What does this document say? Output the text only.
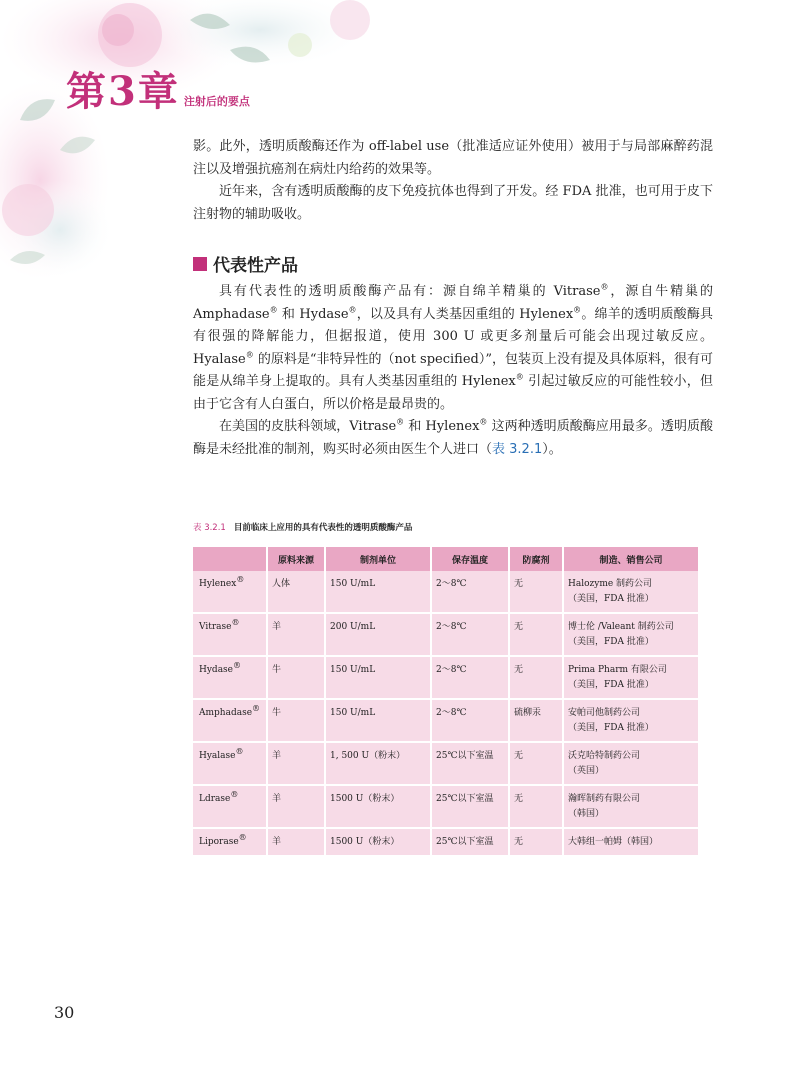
第3章 注射后的要点

影。此外，透明质酸酶还作为 off-label use（批准适应证外使用）被用于与局部麻醉药混注以及增强抗癌剂在病灶内给药的效果等。

近年来，含有透明质酸酶的皮下免疫抗体也得到了开发。经 FDA 批准，也可用于皮下注射物的辅助吸收。

代表性产品

具有代表性的透明质酸酶产品有：源自绵羊精巢的 Vitrase®，源自牛精巢的 Amphadase® 和 Hydase®，以及具有人类基因重组的 Hylenex®。绵羊的透明质酸酶具有很强的降解能力，但据报道，使用 300 U 或更多剂量后可能会出现过敏反应。Hyalase® 的原料是“非特异性的（not specified）”，包装页上没有提及具体原料，很有可能是从绵羊身上提取的。具有人类基因重组的 Hylenex® 引起过敏反应的可能性较小，但由于它含有人白蛋白，所以价格是最昂贵的。

在美国的皮肤科领域，Vitrase® 和 Hylenex® 这两种透明质酸酶应用最多。透明质酸酶是未经批准的制剂，购买时必须由医生个人进口（表 3.2.1）。

表 3.2.1 目前临床上应用的具有代表性的透明质酸酶产品
	原料来源	制剂单位	保存温度	防腐剂	制造、销售公司
Hylenex®	人体	150 U/mL	2～8℃	无	Halozyme 制药公司
（美国，FDA 批准）

Vitrase®	羊	200 U/mL	2～8℃	无	博士伦 /Valeant 制药公司
（美国，FDA 批准）

Hydase®	牛	150 U/mL	2～8℃	无	Prima Pharm 有限公司
（美国，FDA 批准）

Amphadase®	牛	150 U/mL	2～8℃	硫柳汞	安帕司他制药公司
（美国，FDA 批准）

Hyalase®	羊	1, 500 U（粉末）	25℃以下室温	无	沃克哈特制药公司
（英国）

Ldrase®	羊	1500 U（粉末）	25℃以下室温	无	瀚晖制药有限公司
（韩国）

Liporase®	羊	1500 U（粉末）	25℃以下室温	无	大韩组一帕姆（韩国）
30
